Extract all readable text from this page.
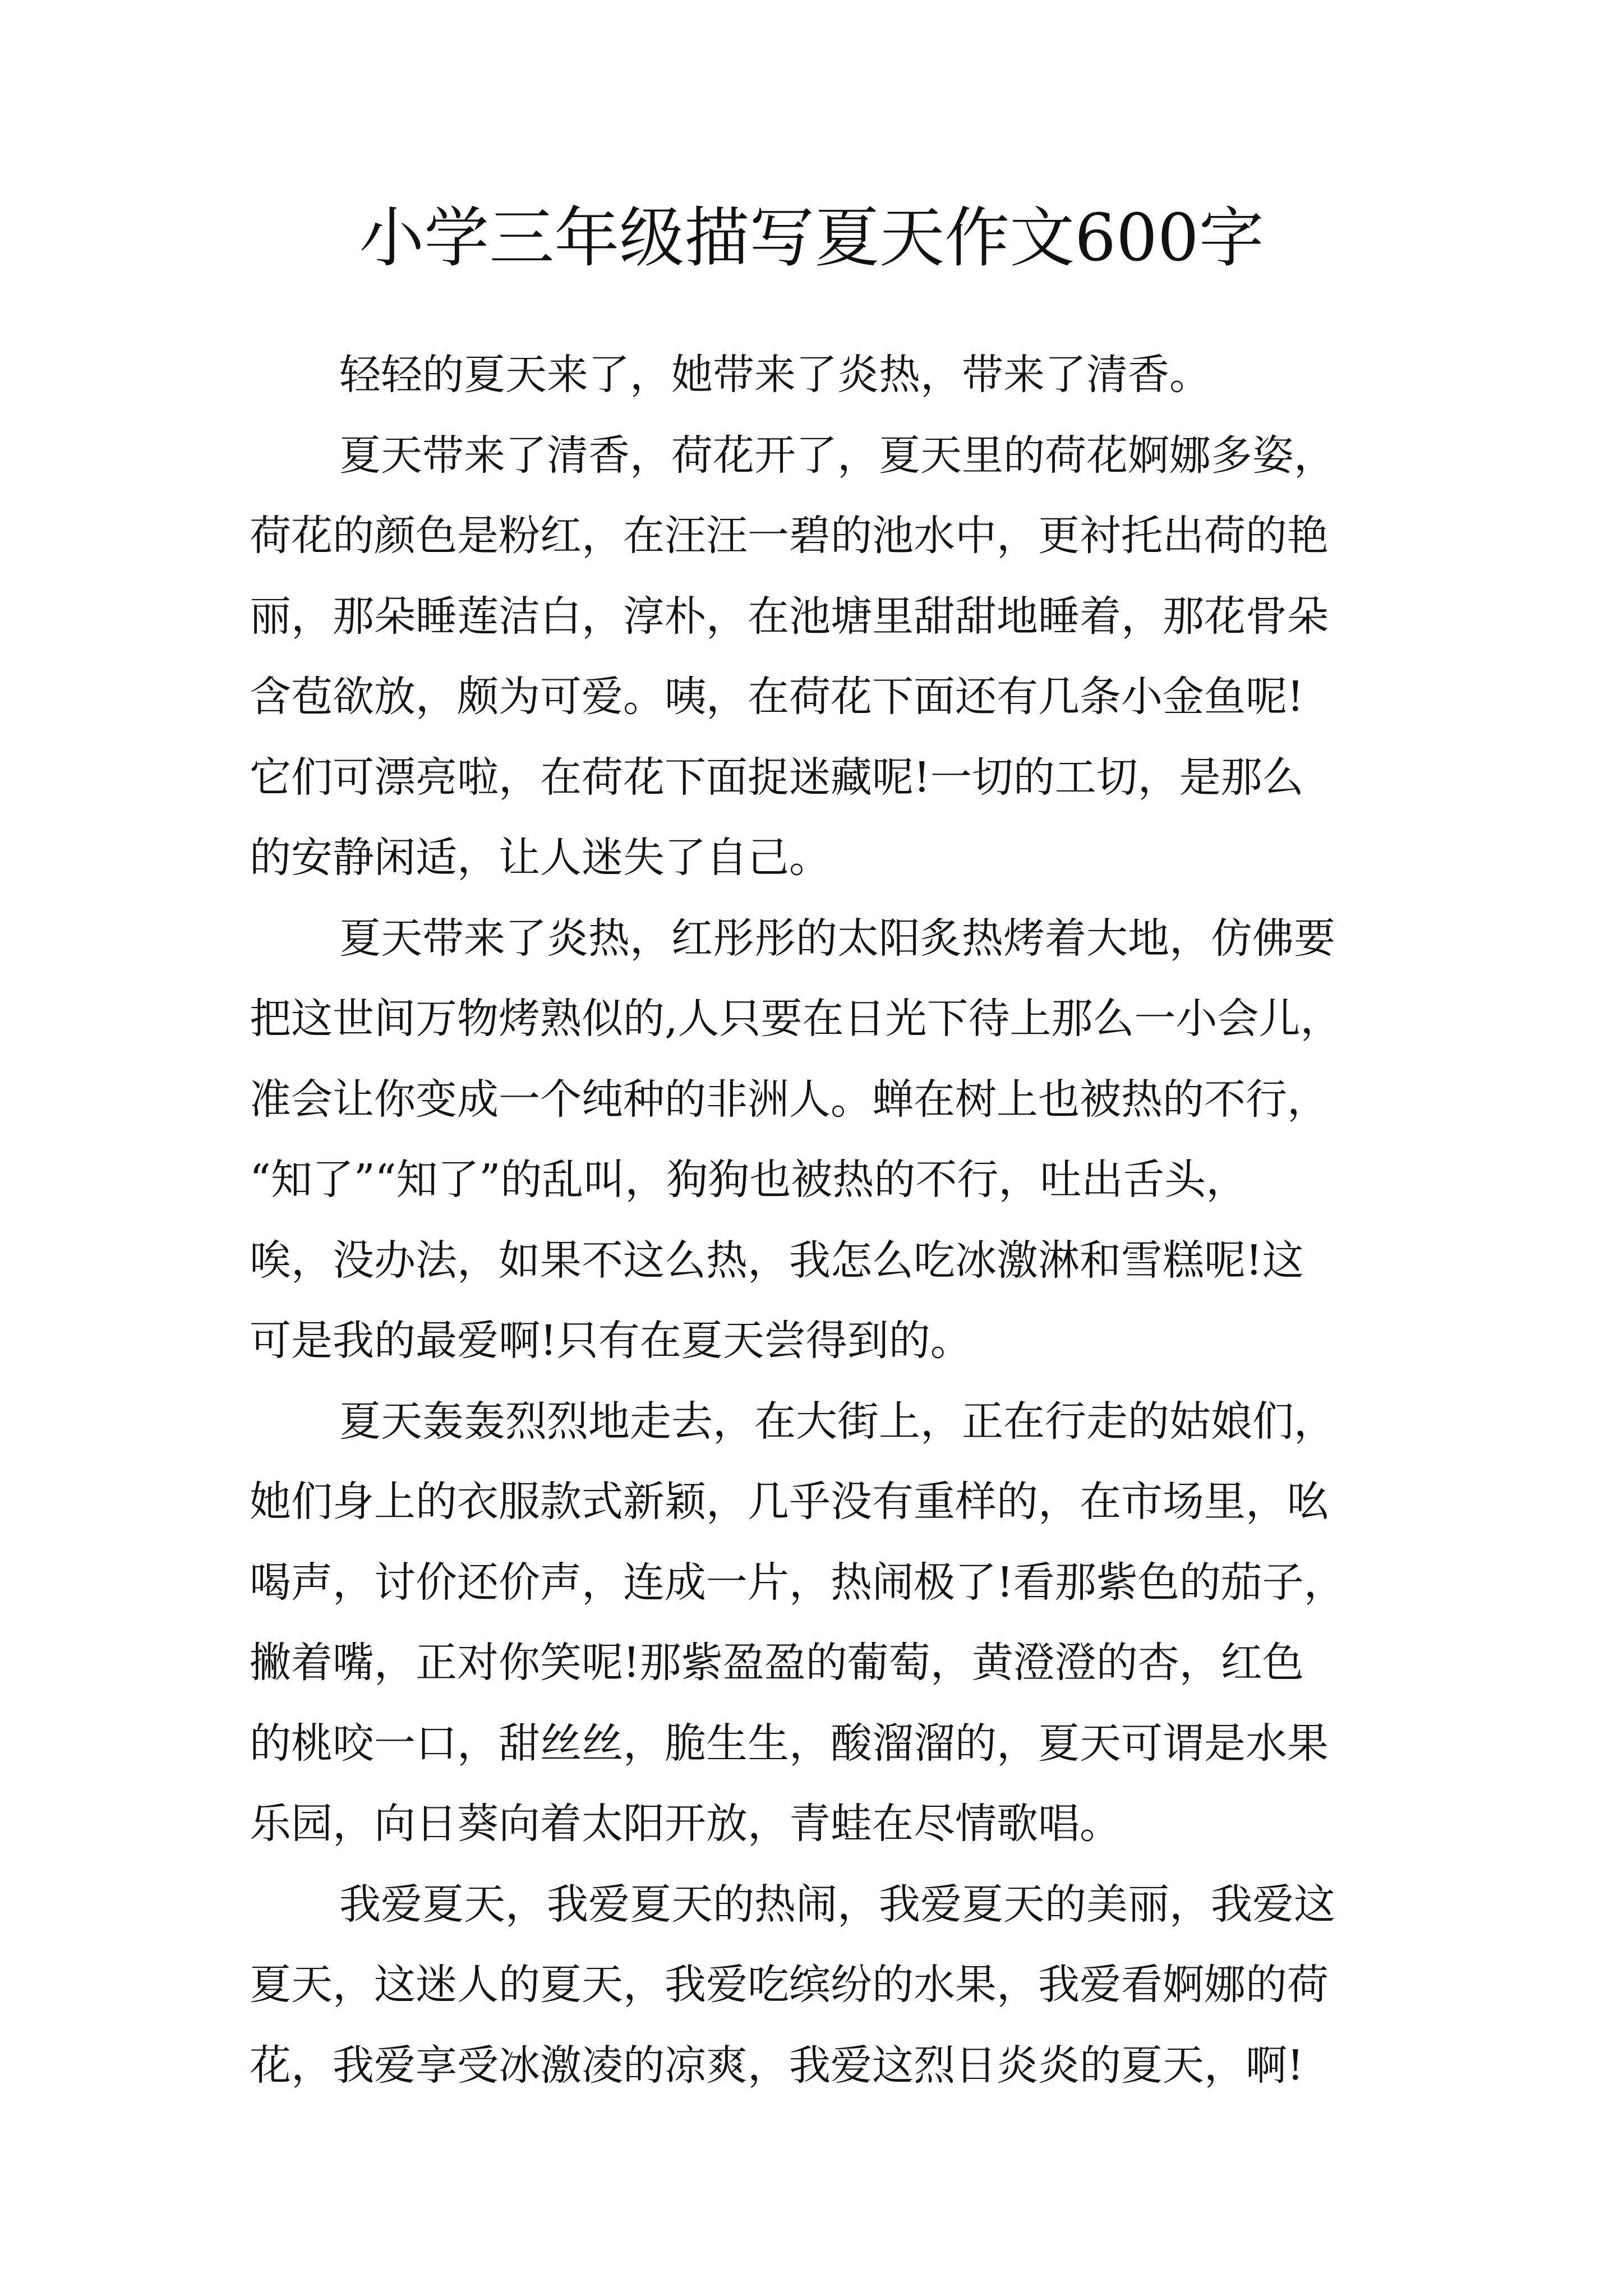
小学三年级描写夏天作文600字
轻轻的夏天来了，她带来了炎热，带来了清香。
夏天带来了清香，荷花开了，夏天里的荷花婀娜多姿，
荷花的颜色是粉红，在汪汪一碧的池水中，更衬托出荷的艳
丽，那朵睡莲洁白，淳朴，在池塘里甜甜地睡着，那花骨朵
含苞欲放，颇为可爱。咦，在荷花下面还有几条小金鱼呢!
它们可漂亮啦，在荷花下面捉迷藏呢!一切的工切，是那么
的安静闲适，让人迷失了自己。
夏天带来了炎热，红彤彤的太阳炙热烤着大地，仿佛要
把这世间万物烤熟似的,人只要在日光下待上那么一小会儿，
准会让你变成一个纯种的非洲人。蝉在树上也被热的不行，
“知了”“知了”的乱叫，狗狗也被热的不行，吐出舌头，
唉，没办法，如果不这么热，我怎么吃冰激淋和雪糕呢!这
可是我的最爱啊!只有在夏天尝得到的。
夏天轰轰烈烈地走去，在大街上，正在行走的姑娘们，
她们身上的衣服款式新颖，几乎没有重样的，在市场里，吆
喝声，讨价还价声，连成一片，热闹极了!看那紫色的茄子，
撇着嘴，正对你笑呢!那紫盈盈的葡萄，黄澄澄的杏，红色
的桃咬一口，甜丝丝，脆生生，酸溜溜的，夏天可谓是水果
乐园，向日葵向着太阳开放，青蛙在尽情歌唱。
我爱夏天，我爱夏天的热闹，我爱夏天的美丽，我爱这
夏天，这迷人的夏天，我爱吃缤纷的水果，我爱看婀娜的荷
花，我爱享受冰激凌的凉爽，我爱这烈日炎炎的夏天，啊!
